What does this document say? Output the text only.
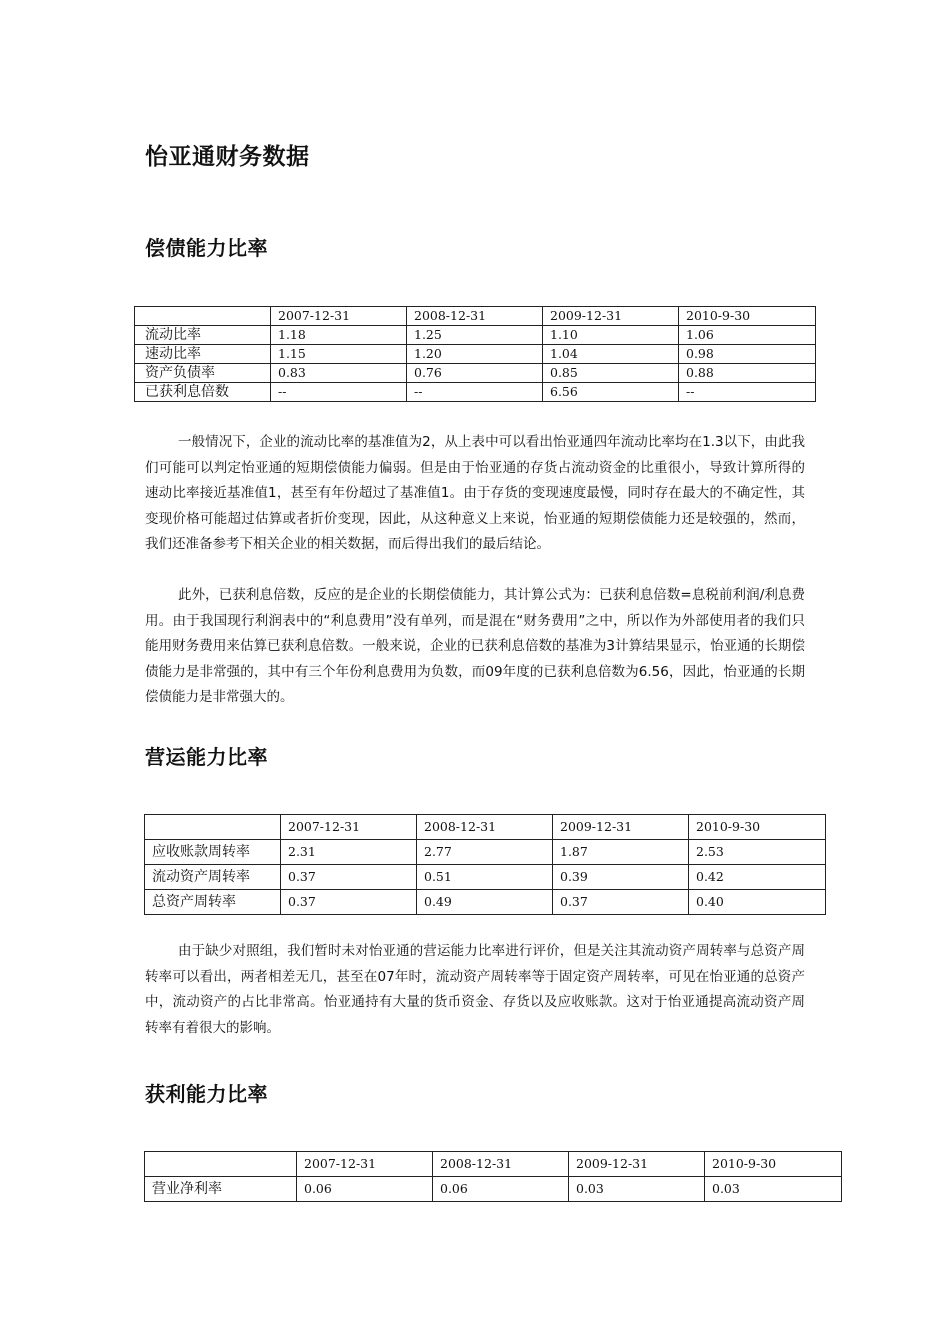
怡亚通财务数据
偿债能力比率
	2007-12-31	2008-12-31	2009-12-31	2010-9-30
流动比率	1.18	1.25	1.10	1.06
速动比率	1.15	1.20	1.04	0.98
资产负债率	0.83	0.76	0.85	0.88
已获利息倍数	--	--	6.56	--

一般情况下，企业的流动比率的基准值为2，从上表中可以看出怡亚通四年流动比率均在1.3以下，由此我们可能可以判定怡亚通的短期偿债能力偏弱。但是由于怡亚通的存货占流动资金的比重很小，导致计算所得的速动比率接近基准值1，甚至有年份超过了基准值1。由于存货的变现速度最慢，同时存在最大的不确定性，其变现价格可能超过估算或者折价变现，因此，从这种意义上来说，怡亚通的短期偿债能力还是较强的，然而，我们还准备参考下相关企业的相关数据，而后得出我们的最后结论。

此外，已获利息倍数，反应的是企业的长期偿债能力，其计算公式为：已获利息倍数=息税前利润/利息费用。由于我国现行利润表中的“利息费用”没有单列，而是混在“财务费用”之中，所以作为外部使用者的我们只能用财务费用来估算已获利息倍数。一般来说，企业的已获利息倍数的基准为3计算结果显示，怡亚通的长期偿债能力是非常强的，其中有三个年份利息费用为负数，而09年度的已获利息倍数为6.56，因此，怡亚通的长期偿债能力是非常强大的。

营运能力比率
	2007-12-31	2008-12-31	2009-12-31	2010-9-30
应收账款周转率	2.31	2.77	1.87	2.53
流动资产周转率	0.37	0.51	0.39	0.42
总资产周转率	0.37	0.49	0.37	0.40

由于缺少对照组，我们暂时未对怡亚通的营运能力比率进行评价，但是关注其流动资产周转率与总资产周转率可以看出，两者相差无几，甚至在07年时，流动资产周转率等于固定资产周转率，可见在怡亚通的总资产中，流动资产的占比非常高。怡亚通持有大量的货币资金、存货以及应收账款。这对于怡亚通提高流动资产周转率有着很大的影响。

获利能力比率
	2007-12-31	2008-12-31	2009-12-31	2010-9-30
营业净利率	0.06	0.06	0.03	0.03
